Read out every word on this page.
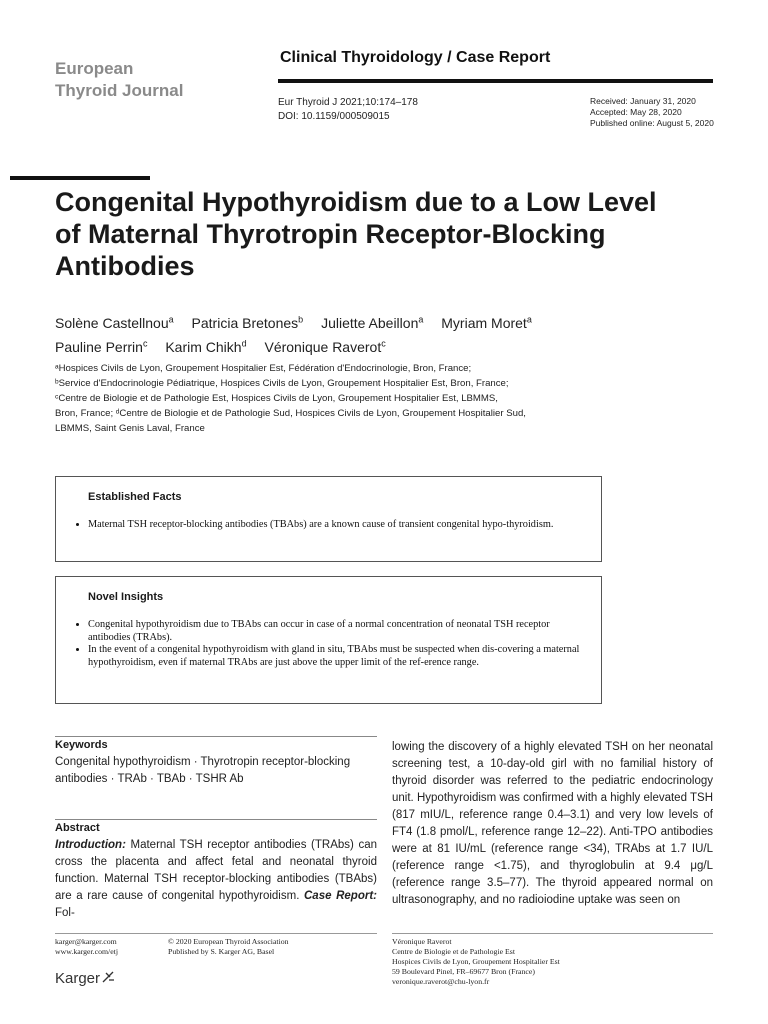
European
Thyroid Journal
Clinical Thyroidology / Case Report
Eur Thyroid J 2021;10:174–178
DOI: 10.1159/000509015
Received: January 31, 2020
Accepted: May 28, 2020
Published online: August 5, 2020
Congenital Hypothyroidism due to a Low Level of Maternal Thyrotropin Receptor-Blocking Antibodies
Solène Castellnou$^a$ Patricia Bretones$^b$ Juliette Abeillon$^a$ Myriam Moret$^a$
Pauline Perrin$^c$ Karim Chikh$^d$ Véronique Raverot$^c$
ᵃHospices Civils de Lyon, Groupement Hospitalier Est, Fédération d'Endocrinologie, Bron, France;
ᵇService d'Endocrinologie Pédiatrique, Hospices Civils de Lyon, Groupement Hospitalier Est, Bron, France;
ᶜCentre de Biologie et de Pathologie Est, Hospices Civils de Lyon, Groupement Hospitalier Est, LBMMS,
Bron, France; ᵈCentre de Biologie et de Pathologie Sud, Hospices Civils de Lyon, Groupement Hospitalier Sud,
LBMMS, Saint Genis Laval, France
Established Facts
• Maternal TSH receptor-blocking antibodies (TBAbs) are a known cause of transient congenital hypo-thyroidism.
Novel Insights
• Congenital hypothyroidism due to TBAbs can occur in case of a normal concentration of neonatal TSH receptor antibodies (TRAbs).
• In the event of a congenital hypothyroidism with gland in situ, TBAbs must be suspected when dis-covering a maternal hypothyroidism, even if maternal TRAbs are just above the upper limit of the ref-erence range.
Keywords
Congenital hypothyroidism · Thyrotropin receptor-blocking antibodies · TRAb · TBAb · TSHR Ab
Abstract
Introduction: Maternal TSH receptor antibodies (TRAbs) can cross the placenta and affect fetal and neonatal thyroid function. Maternal TSH receptor-blocking antibodies (TBAbs) are a rare cause of congenital hypothyroidism. Case Report: Fol-
lowing the discovery of a highly elevated TSH on her neonatal screening test, a 10-day-old girl with no familial history of thyroid disorder was referred to the pediatric endocrinology unit. Hypothyroidism was confirmed with a highly elevated TSH (817 mIU/L, reference range 0.4–3.1) and very low levels of FT4 (1.8 pmol/L, reference range 12–22). Anti-TPO antibodies were at 81 IU/mL (reference range <34), TRAbs at 1.7 IU/L (reference range <1.75), and thyroglobulin at 9.4 μg/L (reference range 3.5–77). The thyroid appeared normal on ultrasonography, and no radioiodine uptake was seen on
karger@karger.com
www.karger.com/etj
© 2020 European Thyroid Association
Published by S. Karger AG, Basel
Karger
Véronique Raverot
Centre de Biologie et de Pathologie Est
Hospices Civils de Lyon, Groupement Hospitalier Est
59 Boulevard Pinel, FR–69677 Bron (France)
veronique.raverot@chu-lyon.fr
